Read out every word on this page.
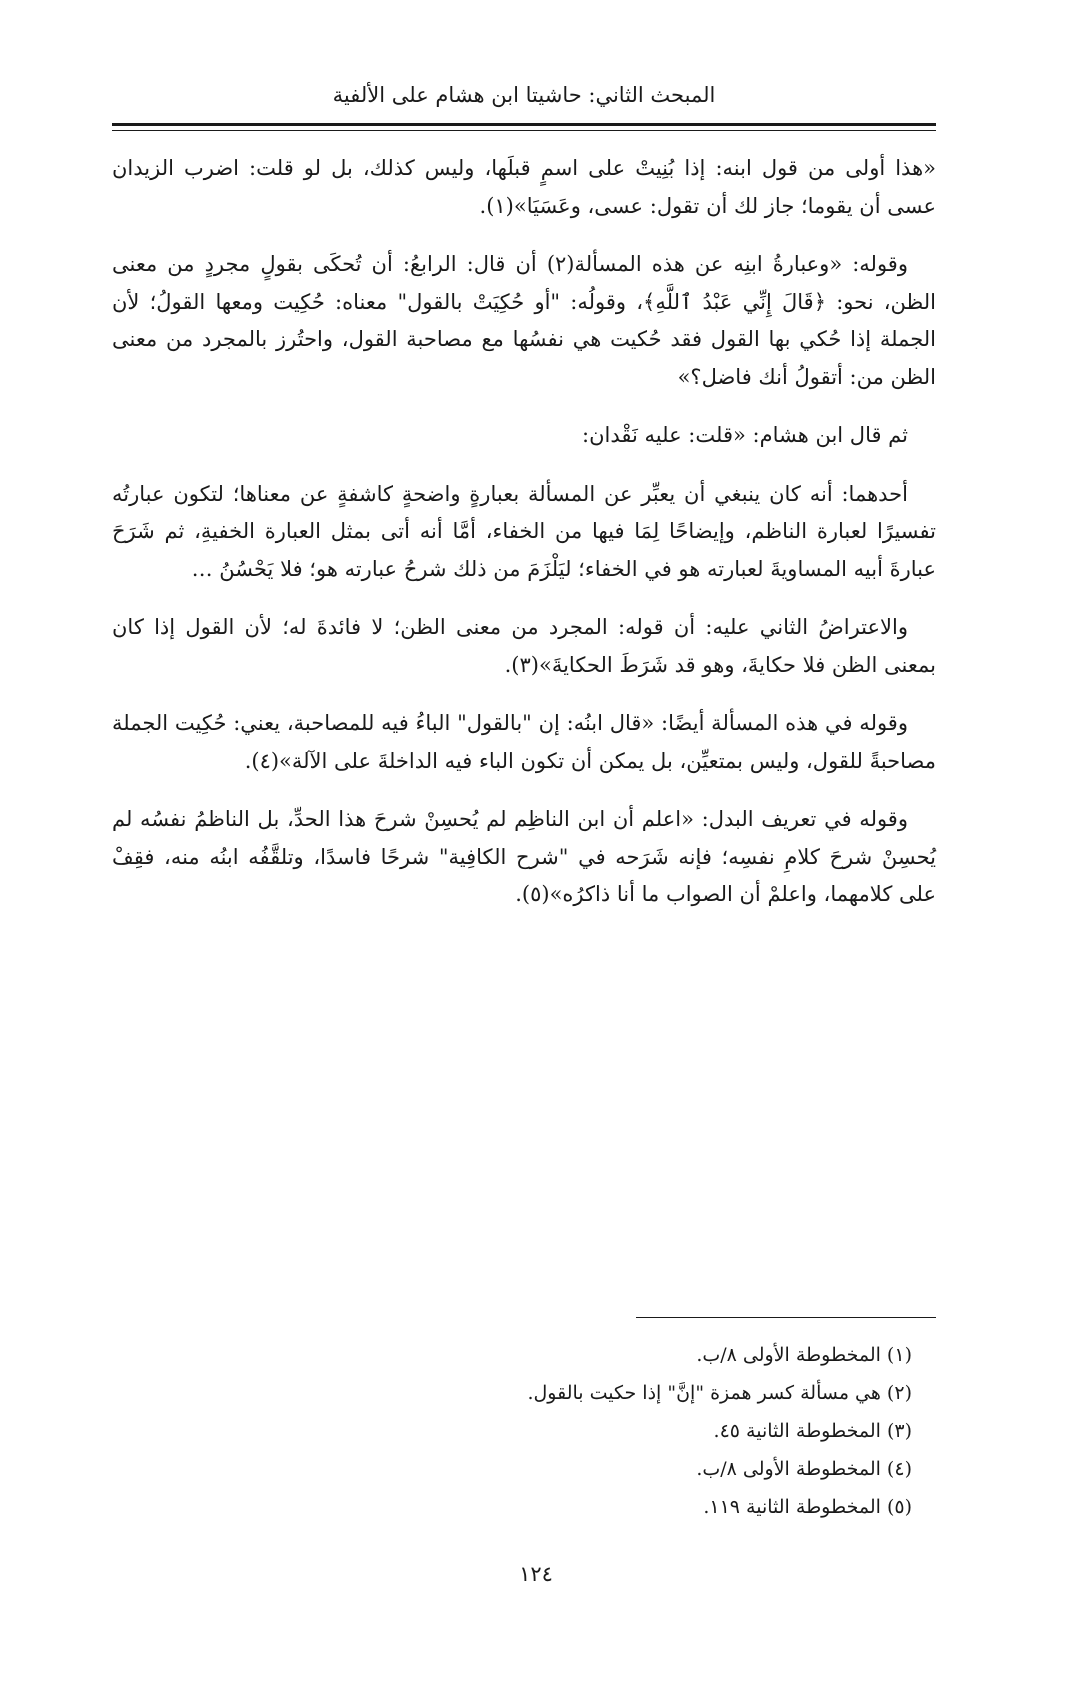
المبحث الثاني: حاشيتا ابن هشام على الألفية

«هذا أولى من قول ابنه: إذا بُنِيتْ على اسمٍ قبلَها، وليس كذلك، بل لو قلت: اضرب الزيدان عسى أن يقوما؛ جاز لك أن تقول: عسى، وعَسَيَا»(١).

وقوله: «وعبارةُ ابنِه عن هذه المسألة(٢) أن قال: الرابعُ: أن تُحكَى بقولٍ مجردٍ من معنى الظن، نحو: ﴿قَالَ إِنِّي عَبْدُ ٱللَّهِ﴾، وقولُه: "أو حُكِيَتْ بالقول" معناه: حُكِيت ومعها القولُ؛ لأن الجملة إذا حُكي بها القول فقد حُكيت هي نفسُها مع مصاحبة القول، واحتُرز بالمجرد من معنى الظن من: أتقولُ أنك فاضل؟»

ثم قال ابن هشام: «قلت: عليه نَقْدان:

أحدهما: أنه كان ينبغي أن يعبِّر عن المسألة بعبارةٍ واضحةٍ كاشفةٍ عن معناها؛ لتكون عبارتُه تفسيرًا لعبارة الناظم، وإيضاحًا لِمَا فيها من الخفاء، أمَّا أنه أتى بمثل العبارة الخفيةِ، ثم شَرَحَ عبارةَ أبيه المساويةَ لعبارته هو في الخفاء؛ ليَلْزَمَ من ذلك شرحُ عبارته هو؛ فلا يَحْسُنُ …

والاعتراضُ الثاني عليه: أن قوله: المجرد من معنى الظن؛ لا فائدةَ له؛ لأن القول إذا كان بمعنى الظن فلا حكايةَ، وهو قد شَرَطَ الحكايةَ»(٣).

وقوله في هذه المسألة أيضًا: «قال ابنُه: إن "بالقول" الباءُ فيه للمصاحبة، يعني: حُكِيت الجملة مصاحبةً للقول، وليس بمتعيِّن، بل يمكن أن تكون الباء فيه الداخلةَ على الآلة»(٤).

وقوله في تعريف البدل: «اعلم أن ابن الناظِم لم يُحسِنْ شرحَ هذا الحدِّ، بل الناظمُ نفسُه لم يُحسِنْ شرحَ كلامِ نفسِه؛ فإنه شَرَحه في "شرح الكافِية" شرحًا فاسدًا، وتلقَّفُه ابنُه منه، فقِفْ على كلامهما، واعلمْ أن الصواب ما أنا ذاكرُه»(٥).

(١) المخطوطة الأولى ٨/ب.
(٢) هي مسألة كسر همزة "إنَّ" إذا حكيت بالقول.
(٣) المخطوطة الثانية ٤٥.
(٤) المخطوطة الأولى ٨/ب.
(٥) المخطوطة الثانية ١١٩.
١٢٤
